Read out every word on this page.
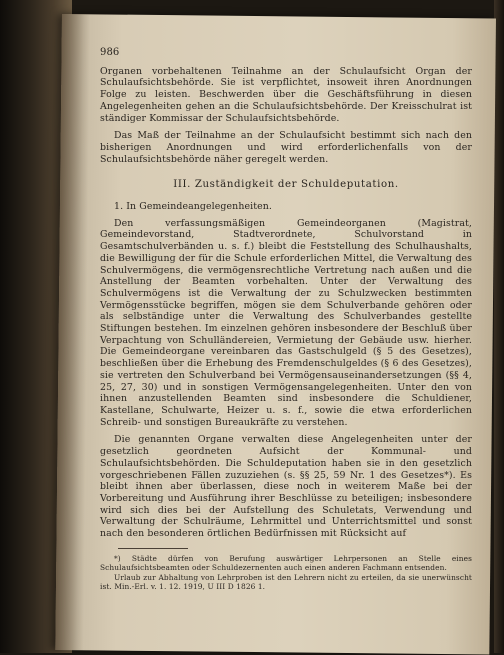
986

Organen vorbehaltenen Teilnahme an der Schulaufsicht Organ der Schulaufsichtsbehörde. Sie ist verpflichtet, insoweit ihren Anordnungen Folge zu leisten. Beschwerden über die Geschäftsführung in diesen Angelegenheiten gehen an die Schulaufsichtsbehörde. Der Kreisschulrat ist ständiger Kommissar der Schulaufsichtsbehörde.

Das Maß der Teilnahme an der Schulaufsicht bestimmt sich nach den bisherigen Anordnungen und wird erforderlichenfalls von der Schulaufsichtsbehörde näher geregelt werden.

III. Zuständigkeit der Schuldeputation.
1. In Gemeindeangelegenheiten.

Den verfassungsmäßigen Gemeindeorganen (Magistrat, Gemeindevorstand, Stadtverordnete, Schulvorstand in Gesamtschulverbänden u. s. f.) bleibt die Feststellung des Schulhaushalts, die Bewilligung der für die Schule erforderlichen Mittel, die Verwaltung des Schulvermögens, die vermögensrechtliche Vertretung nach außen und die Anstellung der Beamten vorbehalten. Unter der Verwaltung des Schulvermögens ist die Verwaltung der zu Schulzwecken bestimmten Vermögensstücke begriffen, mögen sie dem Schulverbande gehören oder als selbständige unter die Verwaltung des Schulverbandes gestellte Stiftungen bestehen. Im einzelnen gehören insbesondere der Beschluß über Verpachtung von Schulländereien, Vermietung der Gebäude usw. hierher. Die Gemeindeorgane vereinbaren das Gastschulgeld (§ 5 des Gesetzes), beschließen über die Erhebung des Fremdenschulgeldes (§ 6 des Gesetzes), sie vertreten den Schulverband bei Vermögensauseinandersetzungen (§§ 4, 25, 27, 30) und in sonstigen Vermögensangelegenheiten. Unter den von ihnen anzustellenden Beamten sind insbesondere die Schuldiener, Kastellane, Schulwarte, Heizer u. s. f., sowie die etwa erforderlichen Schreib- und sonstigen Bureaukräfte zu verstehen.

Die genannten Organe verwalten diese Angelegenheiten unter der gesetzlich geordneten Aufsicht der Kommunal- und Schulaufsichtsbehörden. Die Schuldeputation haben sie in den gesetzlich vorgeschriebenen Fällen zuzuziehen (s. §§ 25, 59 Nr. 1 des Gesetzes*). Es bleibt ihnen aber überlassen, diese noch in weiterem Maße bei der Vorbereitung und Ausführung ihrer Beschlüsse zu beteiligen; insbesondere wird sich dies bei der Aufstellung des Schuletats, Verwendung und Verwaltung der Schulräume, Lehrmittel und Unterrichtsmittel und sonst nach den besonderen örtlichen Bedürfnissen mit Rücksicht auf

*) Städte dürfen von Berufung auswärtiger Lehrpersonen an Stelle eines Schulaufsichtsbeamten oder Schuldezernenten auch einen anderen Fachmann entsenden.

Urlaub zur Abhaltung von Lehrproben ist den Lehrern nicht zu erteilen, da sie unerwünscht ist. Min.-Erl. v. 1. 12. 1919, U III D 1826 1.
